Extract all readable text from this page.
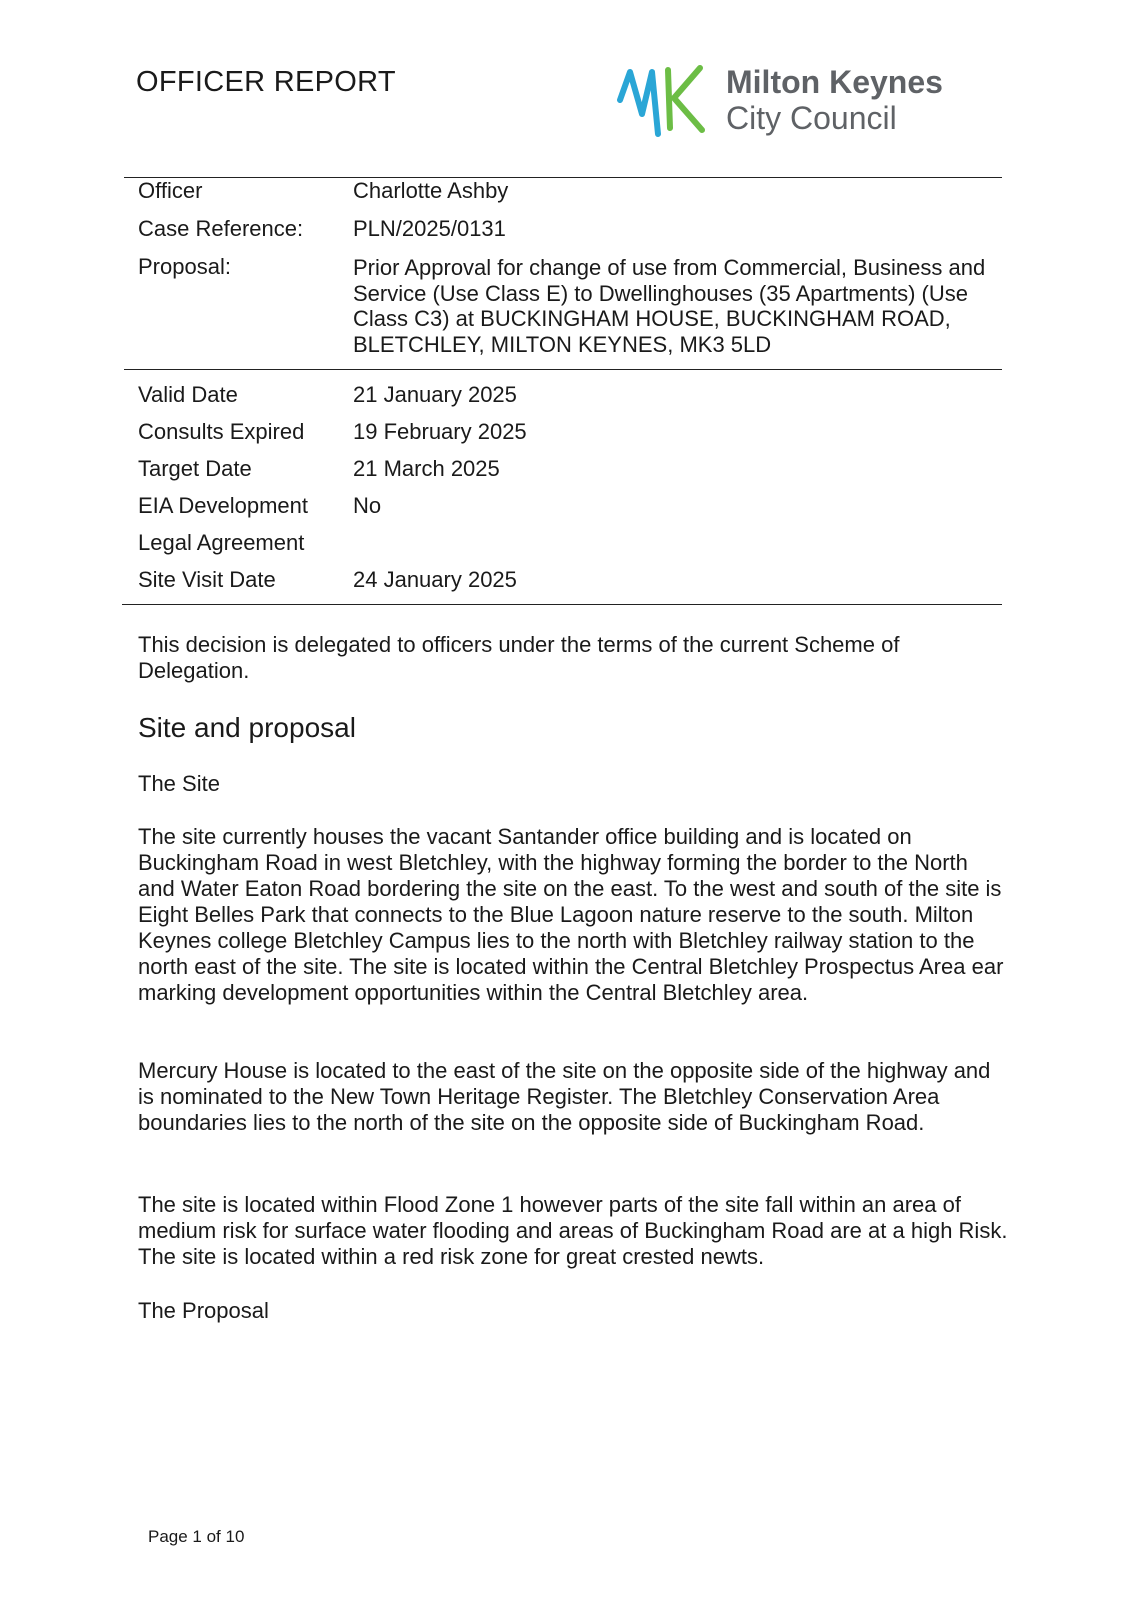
OFFICER REPORT	Milton Keynes
City Council
Officer	Charlotte Ashby
Case Reference: PLN/2025/0131
Proposal:	Prior Approval for change of use from Commercial, Business and Service (Use Class E) to Dwellinghouses (35 Apartments) (Use Class C3) at BUCKINGHAM HOUSE, BUCKINGHAM ROAD, BLETCHLEY, MILTON KEYNES, MK3 5LD
Valid Date	21 January 2025
Consults Expired 19 February 2025
Target Date	21 March 2025
EIA Development No
Legal Agreement
Site Visit Date	24 January 2025
This decision is delegated to officers under the terms of the current Scheme of Delegation.
Site and proposal
The Site
The site currently houses the vacant Santander office building and is located on Buckingham Road in west Bletchley, with the highway forming the border to the North and Water Eaton Road bordering the site on the east. To the west and south of the site is Eight Belles Park that connects to the Blue Lagoon nature reserve to the south. Milton Keynes college Bletchley Campus lies to the north with Bletchley railway station to the north east of the site. The site is located within the Central Bletchley Prospectus Area ear marking development opportunities within the Central Bletchley area.
Mercury House is located to the east of the site on the opposite side of the highway and is nominated to the New Town Heritage Register. The Bletchley Conservation Area boundaries lies to the north of the site on the opposite side of Buckingham Road.
The site is located within Flood Zone 1 however parts of the site fall within an area of medium risk for surface water flooding and areas of Buckingham Road are at a high Risk. The site is located within a red risk zone for great crested newts.
The Proposal
Page 1 of 10
